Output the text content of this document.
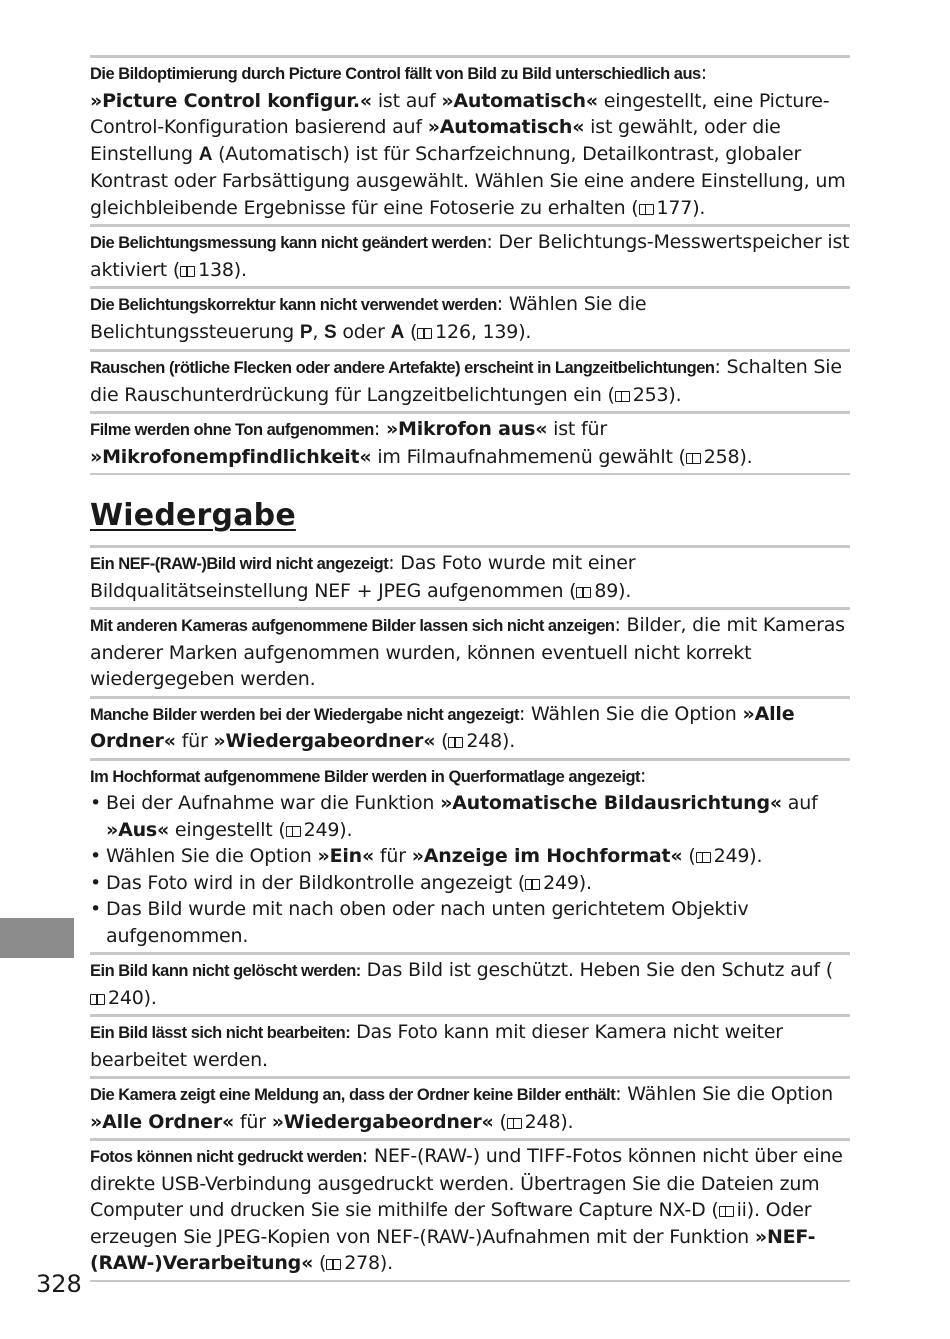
Die Bildoptimierung durch Picture Control fällt von Bild zu Bild unterschiedlich aus:
»Picture Control konfigur.« ist auf »Automatisch« eingestellt, eine Picture-Control-Konfiguration basierend auf »Automatisch« ist gewählt, oder die Einstellung A (Automatisch) ist für Scharfzeichnung, Detailkontrast, globaler Kontrast oder Farbsättigung ausgewählt. Wählen Sie eine andere Einstellung, um gleichbleibende Ergebnisse für eine Fotoserie zu erhalten ( 177).
Die Belichtungsmessung kann nicht geändert werden: Der Belichtungs-Messwertspeicher ist aktiviert ( 138).
Die Belichtungskorrektur kann nicht verwendet werden: Wählen Sie die Belichtungssteuerung P, S oder A ( 126, 139).
Rauschen (rötliche Flecken oder andere Artefakte) erscheint in Langzeitbelichtungen: Schalten Sie die Rauschunterdrückung für Langzeitbelichtungen ein ( 253).
Filme werden ohne Ton aufgenommen: »Mikrofon aus« ist für »Mikrofonempfindlichkeit« im Filmaufnahmemenü gewählt ( 258).
Wiedergabe
Ein NEF-(RAW-)Bild wird nicht angezeigt: Das Foto wurde mit einer Bildqualitätseinstellung NEF + JPEG aufgenommen ( 89).
Mit anderen Kameras aufgenommene Bilder lassen sich nicht anzeigen: Bilder, die mit Kameras anderer Marken aufgenommen wurden, können eventuell nicht korrekt wiedergegeben werden.
Manche Bilder werden bei der Wiedergabe nicht angezeigt: Wählen Sie die Option »Alle Ordner« für »Wiedergabeordner« ( 248).
Im Hochformat aufgenommene Bilder werden in Querformatlage angezeigt:
• Bei der Aufnahme war die Funktion »Automatische Bildausrichtung« auf »Aus« eingestellt ( 249).
• Wählen Sie die Option »Ein« für »Anzeige im Hochformat« ( 249).
• Das Foto wird in der Bildkontrolle angezeigt ( 249).
• Das Bild wurde mit nach oben oder nach unten gerichtetem Objektiv aufgenommen.
Ein Bild kann nicht gelöscht werden: Das Bild ist geschützt. Heben Sie den Schutz auf (240).
Ein Bild lässt sich nicht bearbeiten: Das Foto kann mit dieser Kamera nicht weiter bearbeitet werden.
Die Kamera zeigt eine Meldung an, dass der Ordner keine Bilder enthält: Wählen Sie die Option »Alle Ordner« für »Wiedergabeordner« ( 248).
Fotos können nicht gedruckt werden: NEF-(RAW-) und TIFF-Fotos können nicht über eine direkte USB-Verbindung ausgedruckt werden. Übertragen Sie die Dateien zum Computer und drucken Sie sie mithilfe der Software Capture NX-D ( ii). Oder erzeugen Sie JPEG-Kopien von NEF-(RAW-)Aufnahmen mit der Funktion »NEF-(RAW-)Verarbeitung« ( 278).
328
